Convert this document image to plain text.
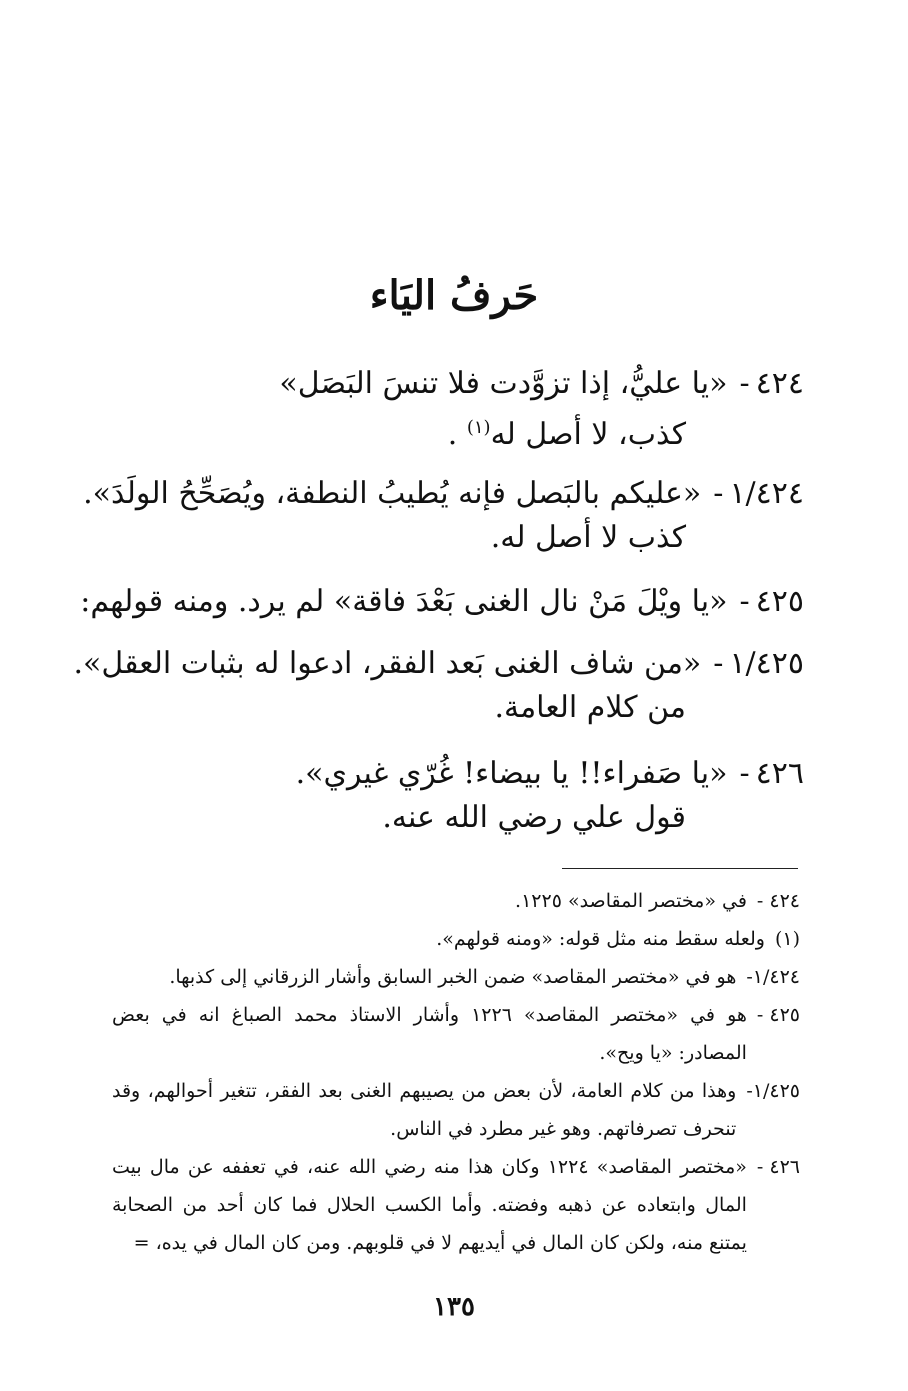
حَرفُ اليَاء
٤٢٤
-
«يا عليُّ، إذا تزوَّدت فلا تنسَ البَصَل»
كذب، لا أصل له$^{(١)}$ .
١/٤٢٤
-
«عليكم بالبَصل فإنه يُطيبُ النطفة، ويُصَحِّحُ الولَدَ».
كذب لا أصل له.
٤٢٥
-
«يا ويْلَ مَنْ نال الغنى بَعْدَ فاقة» لم يرد. ومنه قولهم:
١/٤٢٥
-
«من شاف الغنى بَعد الفقر، ادعوا له بثبات العقل».
من كلام العامة.
٤٢٦
-
«يا صَفراء!! يا بيضاء! غُرّي غيري».
قول علي رضي الله عنه.
٤٢٤ -
في «مختصر المقاصد» ١٢٢٥.
(١)
ولعله سقط منه مثل قوله: «ومنه قولهم».
١/٤٢٤-
هو في «مختصر المقاصد» ضمن الخبر السابق وأشار الزرقاني إلى كذبها.
٤٢٥ -
هو في «مختصر المقاصد» ١٢٢٦ وأشار الاستاذ محمد الصباغ انه في بعض المصادر: «يا ويح».
١/٤٢٥-
وهذا من كلام العامة، لأن بعض من يصيبهم الغنى بعد الفقر، تتغير أحوالهم، وقد تنحرف تصرفاتهم. وهو غير مطرد في الناس.
٤٢٦ -
«مختصر المقاصد» ١٢٢٤ وكان هذا منه رضي الله عنه، في تعففه عن مال بيت المال وابتعاده عن ذهبه وفضته. وأما الكسب الحلال فما كان أحد من الصحابة يمتنع منه، ولكن كان المال في أيديهم لا في قلوبهم. ومن كان المال في يده، =
١٣٥
